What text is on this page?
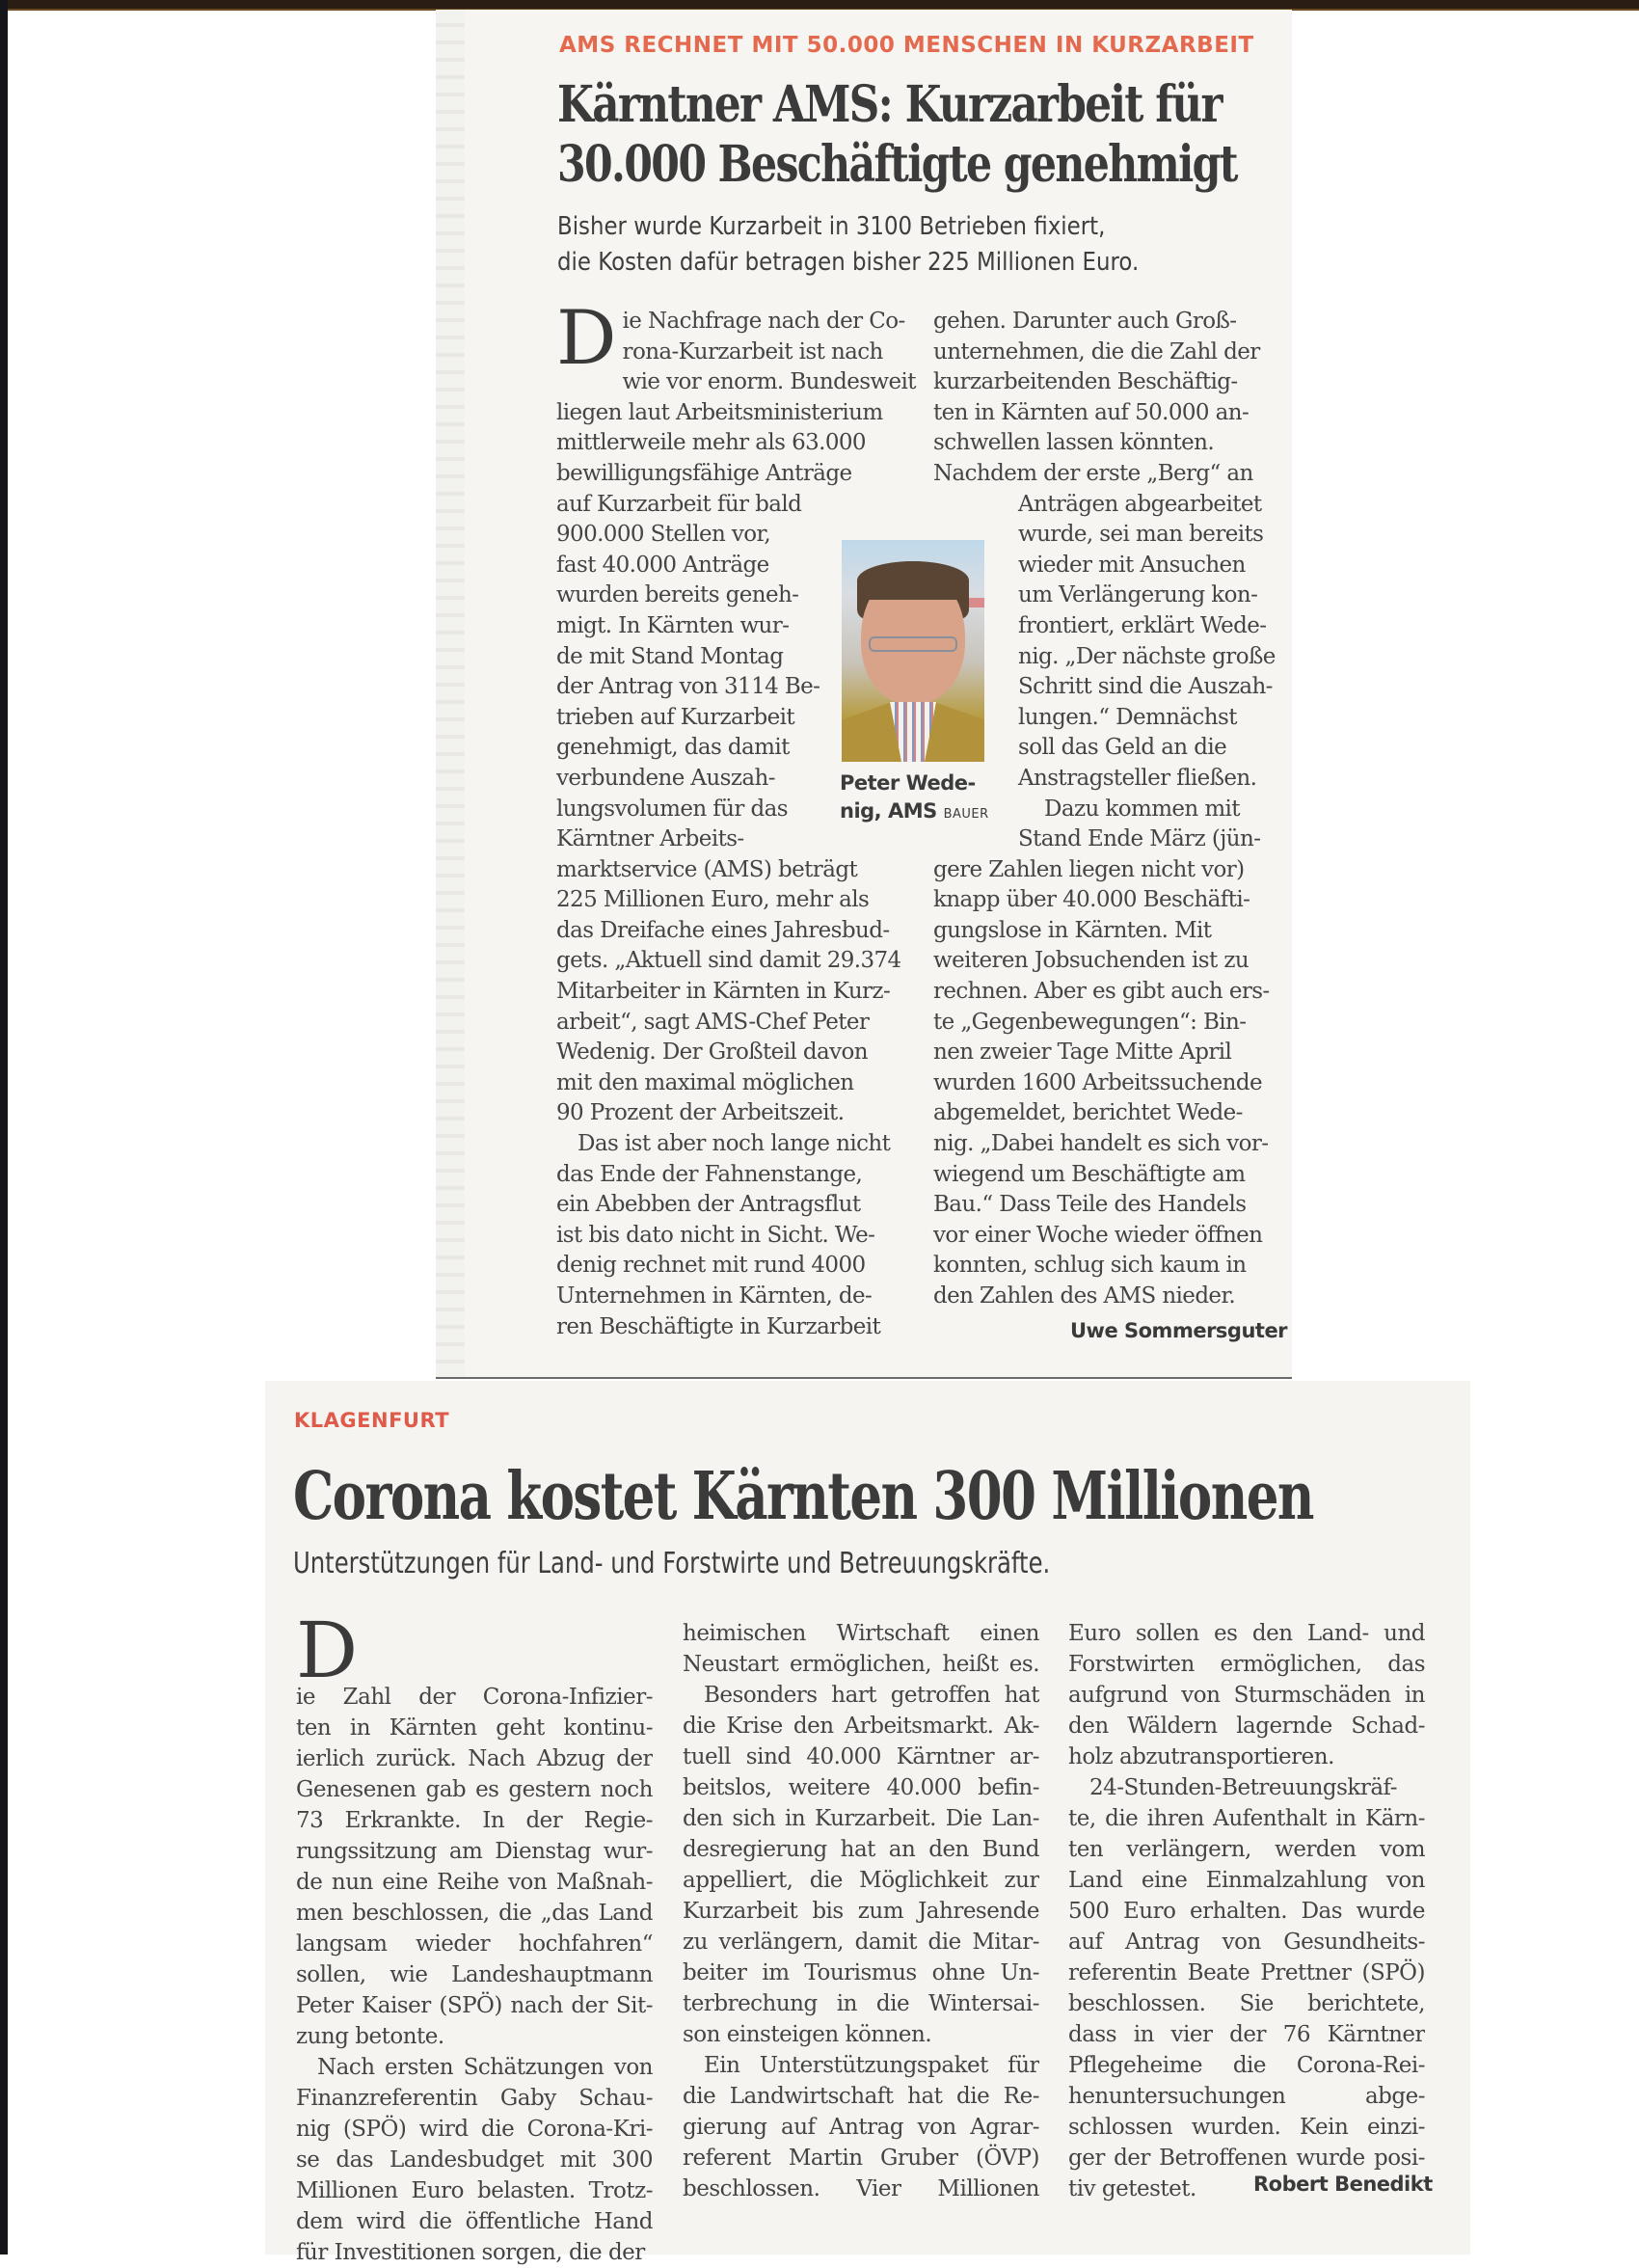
AMS RECHNET MIT 50.000 MENSCHEN IN KURZARBEIT
Kärntner AMS: Kurzarbeit für
30.000 Beschäftigte genehmigt
Bisher wurde Kurzarbeit in 3100 Betrieben fixiert,
die Kosten dafür betragen bisher 225 Millionen Euro.
D ie Nachfrage nach der Co-
rona-Kurzarbeit ist nach
wie vor enorm. Bundesweit
liegen laut Arbeitsministerium
mittlerweile mehr als 63.000
bewilligungsfähige Anträge
auf Kurzarbeit für bald
900.000 Stellen vor,
fast 40.000 Anträge
wurden bereits geneh-
migt. In Kärnten wur-
de mit Stand Montag
der Antrag von 3114 Be-
trieben auf Kurzarbeit
genehmigt, das damit
verbundene Auszah-
lungsvolumen für das
Kärntner Arbeits-
marktservice (AMS) beträgt
225 Millionen Euro, mehr als
das Dreifache eines Jahresbud-
gets. „Aktuell sind damit 29.374
Mitarbeiter in Kärnten in Kurz-
arbeit“, sagt AMS-Chef Peter
Wedenig. Der Großteil davon
mit den maximal möglichen
90 Prozent der Arbeitszeit.
Das ist aber noch lange nicht
das Ende der Fahnenstange,
ein Abebben der Antragsflut
ist bis dato nicht in Sicht. We-
denig rechnet mit rund 4000
Unternehmen in Kärnten, de-
ren Beschäftigte in Kurzarbeit
gehen. Darunter auch Groß-
unternehmen, die die Zahl der
kurzarbeitenden Beschäftig-
ten in Kärnten auf 50.000 an-
schwellen lassen könnten.
Nachdem der erste „Berg“ an
Anträgen abgearbeitet
wurde, sei man bereits
wieder mit Ansuchen
um Verlängerung kon-
frontiert, erklärt Wede-
nig. „Der nächste große
Schritt sind die Auszah-
lungen.“ Demnächst
soll das Geld an die
Anstragsteller fließen.
Dazu kommen mit
Stand Ende März (jün-
gere Zahlen liegen nicht vor)
knapp über 40.000 Beschäfti-
gungslose in Kärnten. Mit
weiteren Jobsuchenden ist zu
rechnen. Aber es gibt auch ers-
te „Gegenbewegungen“: Bin-
nen zweier Tage Mitte April
wurden 1600 Arbeitssuchende
abgemeldet, berichtet Wede-
nig. „Dabei handelt es sich vor-
wiegend um Beschäftigte am
Bau.“ Dass Teile des Handels
vor einer Woche wieder öffnen
konnten, schlug sich kaum in
den Zahlen des AMS nieder.
Peter Wede-
nig, AMS BAUER
Uwe Sommersguter
KLAGENFURT
Corona kostet Kärnten 300 Millionen
Unterstützungen für Land- und Forstwirte und Betreuungskräfte.
D
ie Zahl der Corona-Infizier-
ten in Kärnten geht kontinu-
ierlich zurück. Nach Abzug der
Genesenen gab es gestern noch
73 Erkrankte. In der Regie-
rungssitzung am Dienstag wur-
de nun eine Reihe von Maßnah-
men beschlossen, die „das Land
langsam wieder hochfahren“
sollen, wie Landeshauptmann
Peter Kaiser (SPÖ) nach der Sit-
zung betonte.
Nach ersten Schätzungen von
Finanzreferentin Gaby Schau-
nig (SPÖ) wird die Corona-Kri-
se das Landesbudget mit 300
Millionen Euro belasten. Trotz-
dem wird die öffentliche Hand
für Investitionen sorgen, die der
heimischen Wirtschaft einen
Neustart ermöglichen, heißt es.
Besonders hart getroffen hat
die Krise den Arbeitsmarkt. Ak-
tuell sind 40.000 Kärntner ar-
beitslos, weitere 40.000 befin-
den sich in Kurzarbeit. Die Lan-
desregierung hat an den Bund
appelliert, die Möglichkeit zur
Kurzarbeit bis zum Jahresende
zu verlängern, damit die Mitar-
beiter im Tourismus ohne Un-
terbrechung in die Wintersai-
son einsteigen können.
Ein Unterstützungspaket für
die Landwirtschaft hat die Re-
gierung auf Antrag von Agrar-
referent Martin Gruber (ÖVP)
beschlossen. Vier Millionen
Euro sollen es den Land- und
Forstwirten ermöglichen, das
aufgrund von Sturmschäden in
den Wäldern lagernde Schad-
holz abzutransportieren.
24-Stunden-Betreuungskräf-
te, die ihren Aufenthalt in Kärn-
ten verlängern, werden vom
Land eine Einmalzahlung von
500 Euro erhalten. Das wurde
auf Antrag von Gesundheits-
referentin Beate Prettner (SPÖ)
beschlossen. Sie berichtete,
dass in vier der 76 Kärntner
Pflegeheime die Corona-Rei-
henuntersuchungen abge-
schlossen wurden. Kein einzi-
ger der Betroffenen wurde posi-
tiv getestet.	Robert Benedikt
